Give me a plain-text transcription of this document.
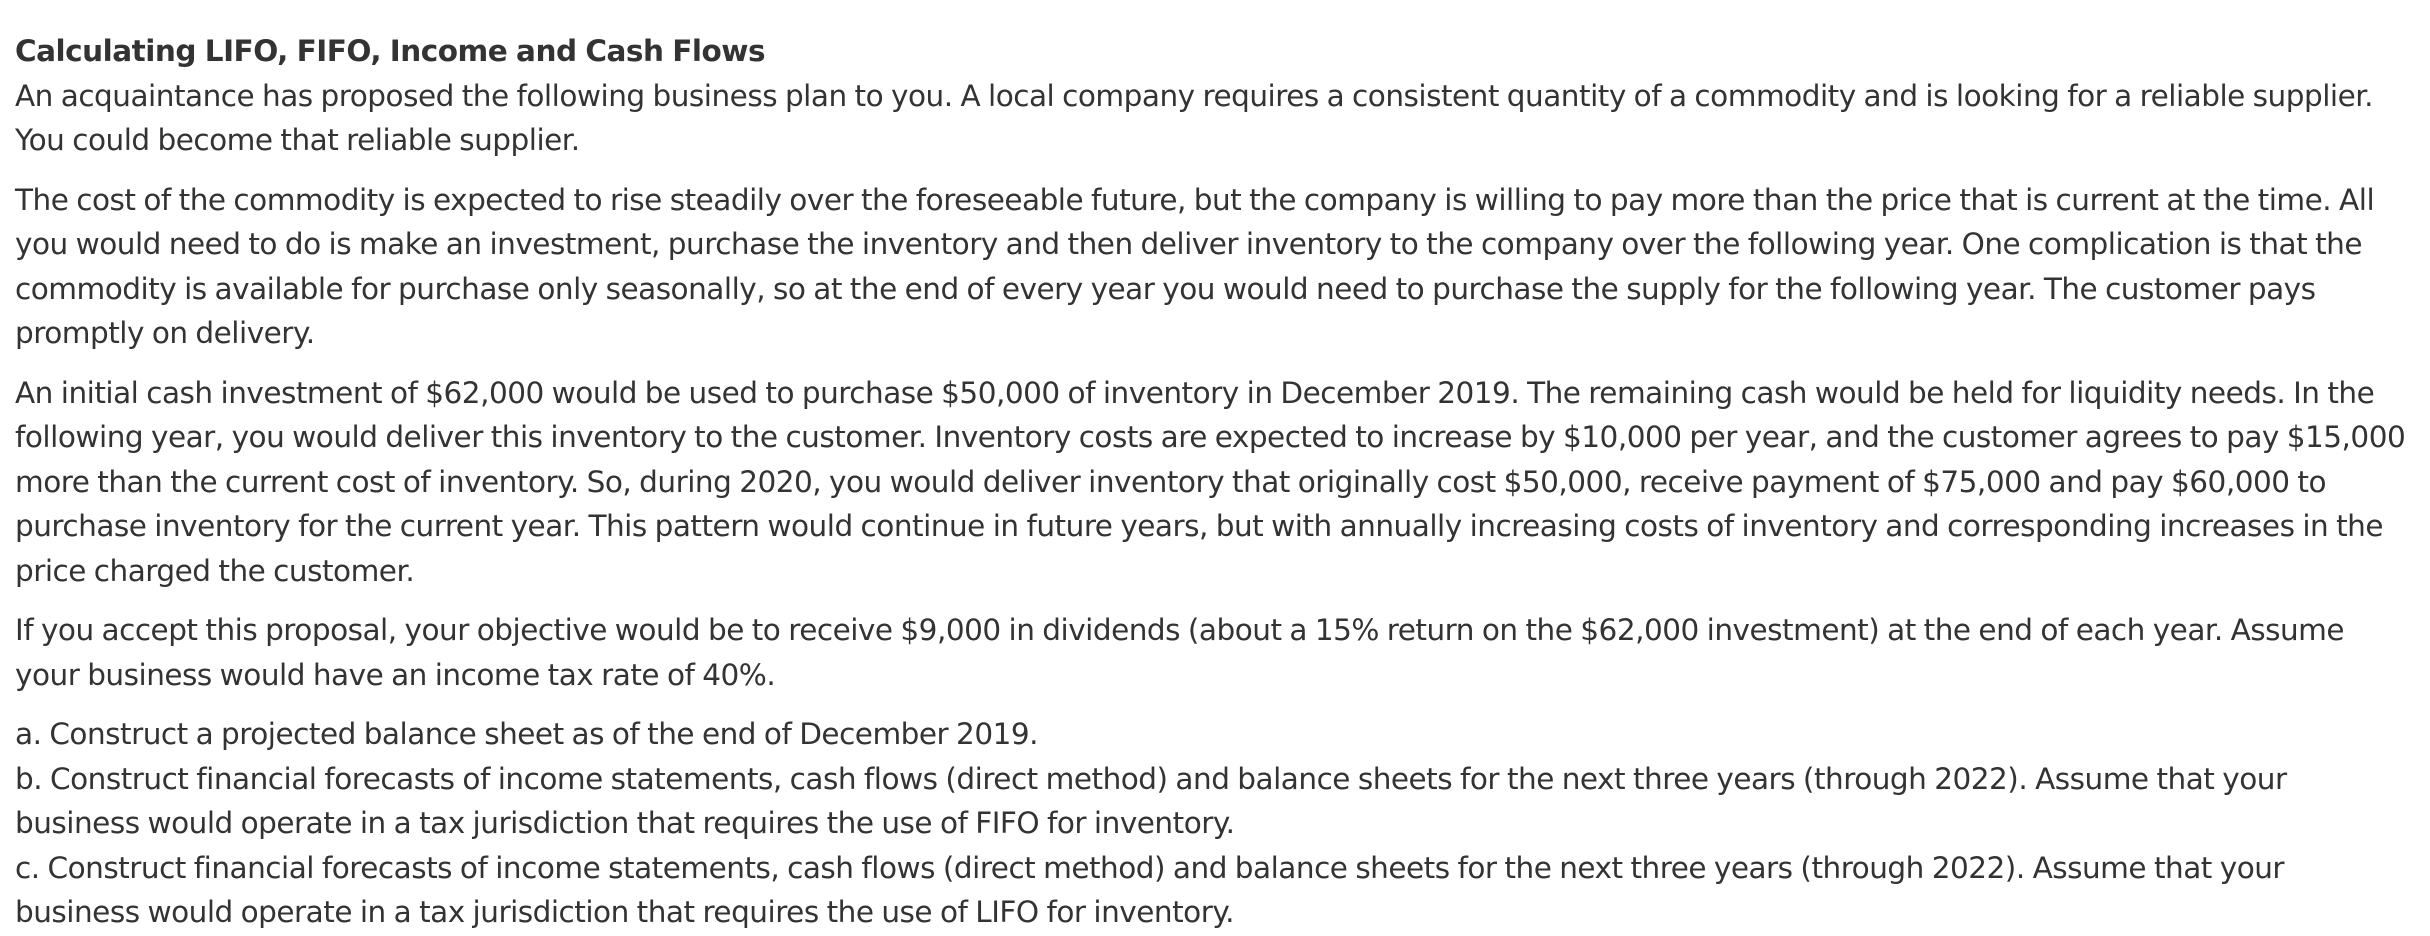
Calculating LIFO, FIFO, Income and Cash Flows

An acquaintance has proposed the following business plan to you. A local company requires a consistent quantity of a commodity and is looking for a reliable supplier. You could become that reliable supplier.

The cost of the commodity is expected to rise steadily over the foreseeable future, but the company is willing to pay more than the price that is current at the time. All you would need to do is make an investment, purchase the inventory and then deliver inventory to the company over the following year. One complication is that the commodity is available for purchase only seasonally, so at the end of every year you would need to purchase the supply for the following year. The customer pays promptly on delivery.

An initial cash investment of $62,000 would be used to purchase $50,000 of inventory in December 2019. The remaining cash would be held for liquidity needs. In the following year, you would deliver this inventory to the customer. Inventory costs are expected to increase by $10,000 per year, and the customer agrees to pay $15,000 more than the current cost of inventory. So, during 2020, you would deliver inventory that originally cost $50,000, receive payment of $75,000 and pay $60,000 to purchase inventory for the current year. This pattern would continue in future years, but with annually increasing costs of inventory and corresponding increases in the price charged the customer.

If you accept this proposal, your objective would be to receive $9,000 in dividends (about a 15% return on the $62,000 investment) at the end of each year. Assume your business would have an income tax rate of 40%.

a. Construct a projected balance sheet as of the end of December 2019.

b. Construct financial forecasts of income statements, cash flows (direct method) and balance sheets for the next three years (through 2022). Assume that your business would operate in a tax jurisdiction that requires the use of FIFO for inventory.

c. Construct financial forecasts of income statements, cash flows (direct method) and balance sheets for the next three years (through 2022). Assume that your business would operate in a tax jurisdiction that requires the use of LIFO for inventory.
